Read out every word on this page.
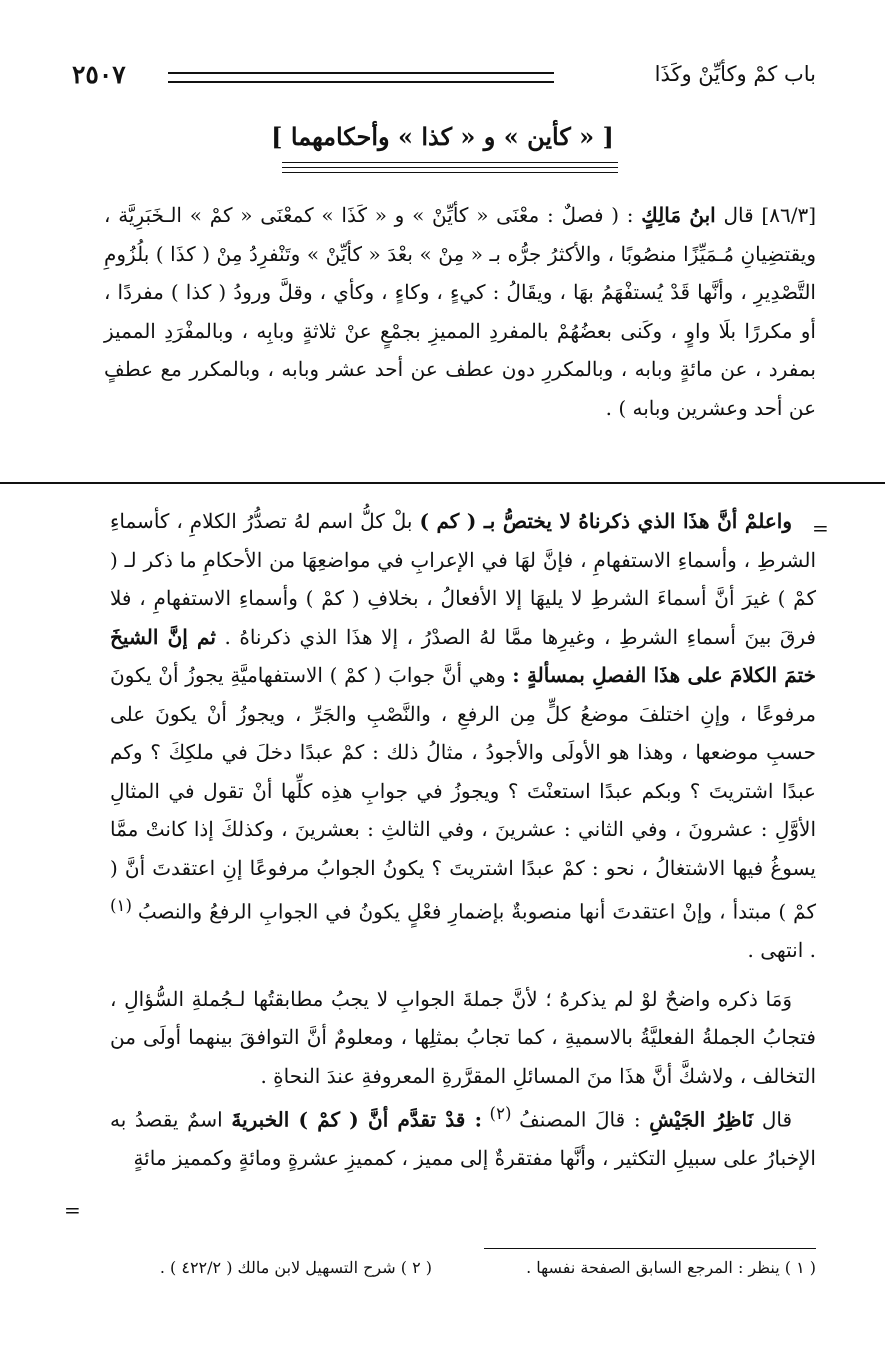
باب كمْ وكأيِّنْ وكَذَا
٢٥٠٧
[ « كأين » و « كذا » وأحكامهما ]
[٨٦/٣] قال ابنُ مَالِكٍ : ( فصلٌ : معْنَى « كأيِّنْ » و « كَذَا » كمعْنَى « كمْ » الـخَبَرِيَّة ، ويقتضِيانِ مُـمَيِّزًا منصُوبًا ، والأكثرُ جرُّه بـ « مِنْ » بعْدَ « كأيِّنْ » وتَنْفرِدُ مِنْ ( كذَا ) بلُزُومِ التَّصْدِيرِ ، وأنَّها قَدْ يُستفْهَمُ بهَا ، ويقَالُ : كيءٍ ، وكاءٍ ، وكأي ، وقلَّ ورودُ ( كذا ) مفردًا ، أو مكررًا بلَا واوٍ ، وكَنى بعضُهُمْ بالمفردِ المميزِ بجمْعٍ عنْ ثلاثةٍ وبابِه ، وبالمفْرَدِ المميز بمفرد ، عن مائةٍ وبابه ، وبالمكررِ دون عطف عن أحد عشر وبابه ، وبالمكرر مع عطفٍ عن أحد وعشرين وبابه ) .
=

واعلمْ أنَّ هذَا الذي ذكرناهُ لا يختصُّ بـ ( كم ) بلْ كلُّ اسم لهُ تصدُّرُ الكلامِ ، كأسماءِ الشرطِ ، وأسماءِ الاستفهامِ ، فإنَّ لهَا في الإعرابِ في مواضعِهَا من الأحكامِ ما ذكر لـ ( كمْ ) غيرَ أنَّ أسماءَ الشرطِ لا يليهَا إلا الأفعالُ ، بخلافِ ( كمْ ) وأسماءِ الاستفهامِ ، فلا فرقَ بينَ أسماءِ الشرطِ ، وغيرِها ممَّا لهُ الصدْرُ ، إلا هذَا الذي ذكرناهُ . ثم إنَّ الشيخَ ختمَ الكلامَ على هذَا الفصلِ بمسألةٍ : وهي أنَّ جوابَ ( كمْ ) الاستفهاميَّةِ يجوزُ أنْ يكونَ مرفوعًا ، وإنِ اختلفَ موضعُ كلٍّ مِن الرفعِ ، والنَّصْبِ والجَرِّ ، ويجوزُ أنْ يكونَ على حسبِ موضعها ، وهذا هو الأولَى والأجودُ ، مثالُ ذلك : كمْ عبدًا دخلَ في ملكِكَ ؟ وكم عبدًا اشتريتَ ؟ وبكم عبدًا استعنْتَ ؟ ويجوزُ في جوابِ هذِه كلِّها أنْ تقول في المثالِ الأوَّلِ : عشرونَ ، وفي الثاني : عشرينَ ، وفي الثالثِ : بعشرينَ ، وكذلكَ إذا كانتْ ممَّا يسوغُ فيها الاشتغالُ ، نحو : كمْ عبدًا اشتريتَ ؟ يكونُ الجوابُ مرفوعًا إنِ اعتقدتَ أنَّ ( كمْ ) مبتدأ ، وإنْ اعتقدتَ أنها منصوبةٌ بإضمارِ فعْلٍ يكونُ في الجوابِ الرفعُ والنصبُ $^{(١)}$ . انتهى .

وَمَا ذكره واضحٌ لوْ لم يذكرهُ ؛ لأنَّ جملةَ الجوابِ لا يجبُ مطابقتُها لـجُملةِ السُّؤالِ ، فتجابُ الجملةُ الفعليَّةُ بالاسميةِ ، كما تجابُ بمثلِها ، ومعلومٌ أنَّ التوافقَ بينهما أولَى من التخالف ، ولاشكَّ أنَّ هذَا منَ المسائلِ المقرَّرةِ المعروفةِ عندَ النحاةِ .

قال نَاظِرُ الجَيْشِ : قالَ المصنفُ $^{(٢)}$ : قدْ تقدَّم أنَّ ( كمْ ) الخبريةَ اسمٌ يقصدُ به الإخبارُ على سبيلِ التكثير ، وأنَّها مفتقرةٌ إلى مميز ، كمميزِ عشرةٍ ومائةٍ وكمميز مائةٍ

=
( ١ ) ينظر : المرجع السابق الصفحة نفسها .
( ٢ ) شرح التسهيل لابن مالك ( ٤٢٢/٢ ) .
